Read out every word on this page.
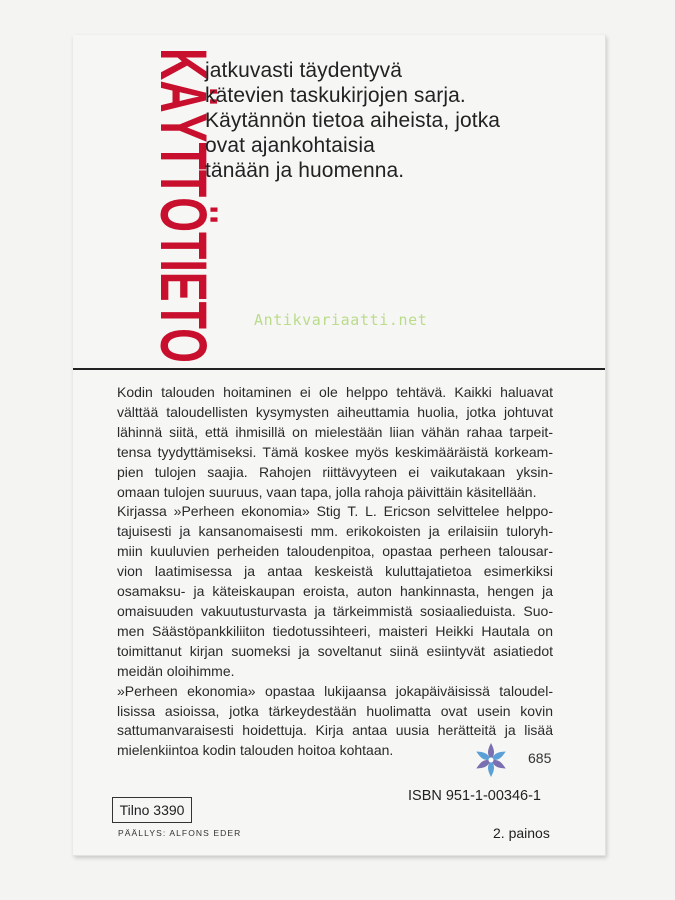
KÄYTTÖTIETO
jatkuvasti täydentyvä
kätevien taskukirjojen sarja.
Käytännön tietoa aiheista, jotka
ovat ajankohtaisia
tänään ja huomenna.
Antikvariaatti.net
Kodin talouden hoitaminen ei ole helppo tehtävä. Kaikki haluavat
välttää taloudellisten kysymysten aiheuttamia huolia, jotka johtuvat
lähinnä siitä, että ihmisillä on mielestään liian vähän rahaa tarpeit-
tensa tyydyttämiseksi. Tämä koskee myös keskimääräistä korkeam-
pien tulojen saajia. Rahojen riittävyyteen ei vaikutakaan yksin-
omaan tulojen suuruus, vaan tapa, jolla rahoja päivittäin käsitellään.
Kirjassa »Perheen ekonomia» Stig T. L. Ericson selvittelee helppo-
tajuisesti ja kansanomaisesti mm. erikokoisten ja erilaisiin tuloryh-
miin kuuluvien perheiden taloudenpitoa, opastaa perheen talousar-
vion laatimisessa ja antaa keskeistä kuluttajatietoa esimerkiksi
osamaksu- ja käteiskaupan eroista, auton hankinnasta, hengen ja
omaisuuden vakuutusturvasta ja tärkeimmistä sosiaalieduista. Suo-
men Säästöpankkiliiton tiedotussihteeri, maisteri Heikki Hautala on
toimittanut kirjan suomeksi ja soveltanut siinä esiintyvät asiatiedot
meidän oloihimme.
»Perheen ekonomia» opastaa lukijaansa jokapäiväisissä taloudel-
lisissa asioissa, jotka tärkeydestään huolimatta ovat usein kovin
sattumanvaraisesti hoidettuja. Kirja antaa uusia herätteitä ja lisää
mielenkiintoa kodin talouden hoitoa kohtaan.	685
Tilno 3390
ISBN 951-1-00346-1
PÄÄLLYS: ALFONS EDER	2. painos
